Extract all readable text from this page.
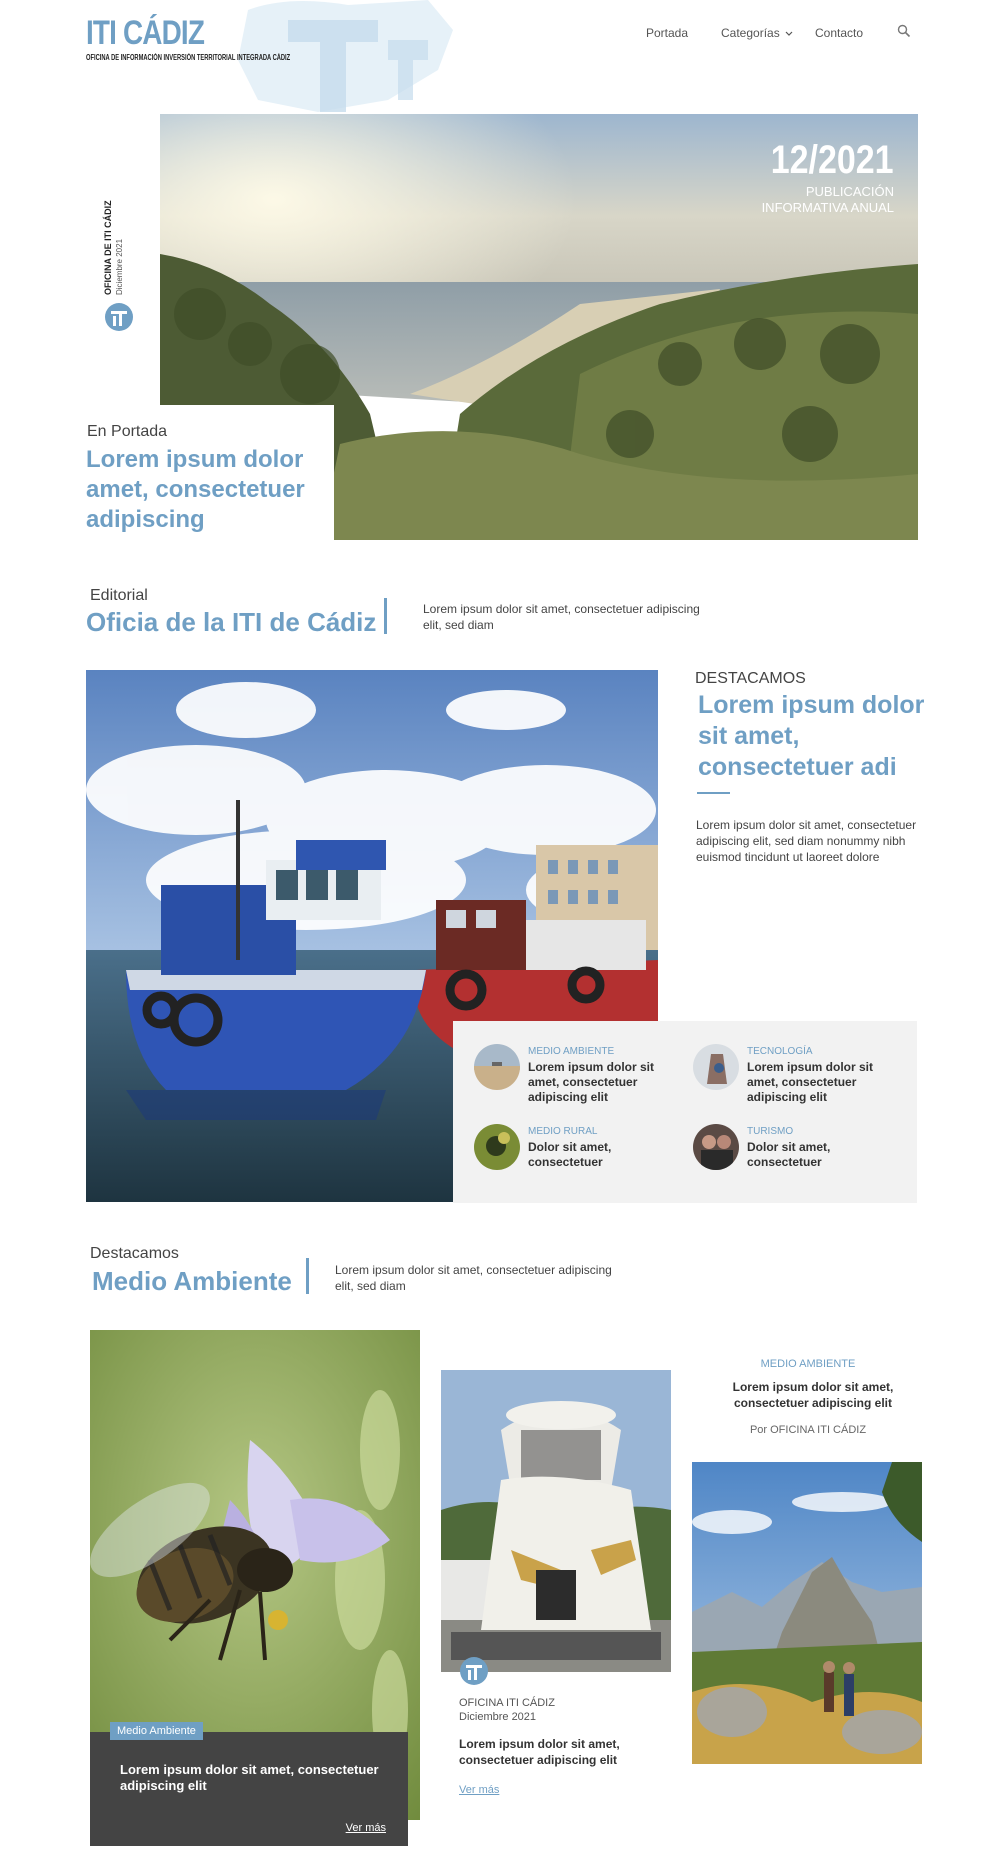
ITI CÁDIZ
OFICINA DE INFORMACIÓN INVERSIÓN TERRITORIAL INTEGRADA CÁDIZ
Portada	Categorías	Contacto
12/2021
PUBLICACIÓN INFORMATIVA ANUAL
OFICINA DE ITI CÁDIZ Diciembre 2021
En Portada
Lorem ipsum dolor amet, consectetuer adipiscing
Editorial
Oficia de la ITI de Cádiz	Lorem ipsum dolor sit amet, consectetuer adipiscing elit, sed diam
DESTACAMOS
Lorem ipsum dolor sit amet, consectetuer adi
Lorem ipsum dolor sit amet, consectetuer adipiscing elit, sed diam nonummy nibh euismod tincidunt ut laoreet dolore
MEDIO AMBIENTE
Lorem ipsum dolor sit amet, consectetuer adipiscing elit
TECNOLOGÍA
Lorem ipsum dolor sit amet, consectetuer adipiscing elit
MEDIO RURAL
Dolor sit amet, consectetuer
TURISMO
Dolor sit amet, consectetuer
Destacamos
Medio Ambiente	Lorem ipsum dolor sit amet, consectetuer adipiscing elit, sed diam
Medio Ambiente
Lorem ipsum dolor sit amet, consectetuer adipiscing elit
Ver más
OFICINA ITI CÁDIZ
Diciembre 2021
Lorem ipsum dolor sit amet, consectetuer adipiscing elit
Ver más
MEDIO AMBIENTE
Lorem ipsum dolor sit amet, consectetuer adipiscing elit
Por OFICINA ITI CÁDIZ
